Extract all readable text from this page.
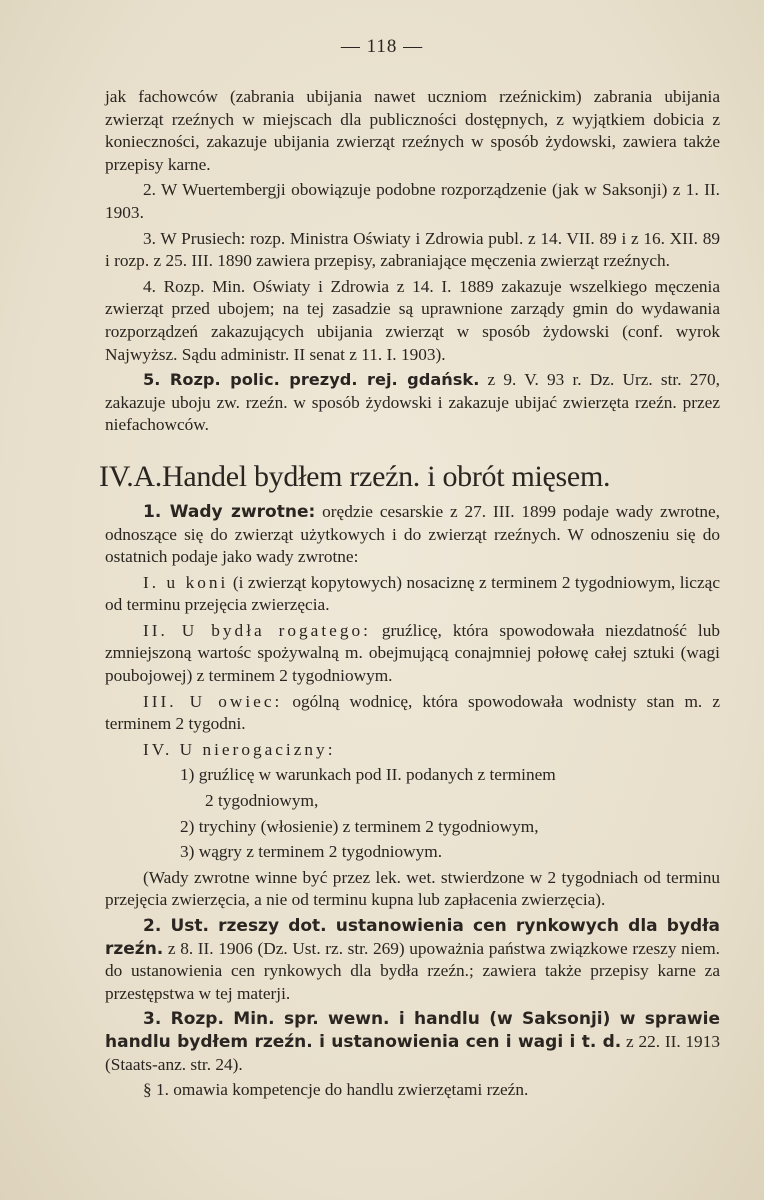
— 118 —

jak fachowców (zabrania ubijania nawet uczniom rzeźnickim) zabrania ubijania zwierząt rzeźnych w miejscach dla publiczności dostępnych, z wyjątkiem dobicia z konieczności, zakazuje ubijania zwierząt rzeźnych w sposób żydowski, zawiera także przepisy karne.

2. W Wuertembergji obowiązuje podobne rozporządzenie (jak w Saksonji) z 1. II. 1903.

3. W Prusiech: rozp. Ministra Oświaty i Zdrowia publ. z 14. VII. 89 i z 16. XII. 89 i rozp. z 25. III. 1890 zawiera przepisy, zabraniające męczenia zwierząt rzeźnych.

4. Rozp. Min. Oświaty i Zdrowia z 14. I. 1889 zakazuje wszelkiego męczenia zwierząt przed ubojem; na tej zasadzie są uprawnione zarządy gmin do wydawania rozporządzeń zakazujących ubijania zwierząt w sposób żydowski (conf. wyrok Najwyższ. Sądu administr. II senat z 11. I. 1903).

5. Rozp. polic. prezyd. rej. gdańsk. z 9. V. 93 r. Dz. Urz. str. 270, zakazuje uboju zw. rzeźn. w sposób żydowski i zakazuje ubijać zwierzęta rzeźn. przez niefachowców.

IV.A.Handel bydłem rzeźn. i obrót mięsem.

1. Wady zwrotne: orędzie cesarskie z 27. III. 1899 podaje wady zwrotne, odnoszące się do zwierząt użytkowych i do zwierząt rzeźnych. W odnoszeniu się do ostatnich podaje jako wady zwrotne:

I. u koni (i zwierząt kopytowych) nosaciznę z terminem 2 tygodniowym, licząc od terminu przejęcia zwierzęcia.

II. U bydła rogatego: gruźlicę, która spowodowała niezdatność lub zmniejszoną wartośc spożywalną m. obejmującą conajmniej połowę całej sztuki (wagi poubojowej) z terminem 2 tygodniowym.

III. U owiec: ogólną wodnicę, która spowodowała wodnisty stan m. z terminem 2 tygodni.

IV. U nierogacizny:

1) gruźlicę w warunkach pod II. podanych z terminem

2 tygodniowym,

2) trychiny (włosienie) z terminem 2 tygodniowym,

3) wągry z terminem 2 tygodniowym.

(Wady zwrotne winne być przez lek. wet. stwierdzone w 2 tygodniach od terminu przejęcia zwierzęcia, a nie od terminu kupna lub zapłacenia zwierzęcia).

2. Ust. rzeszy dot. ustanowienia cen rynkowych dla bydła rzeźn. z 8. II. 1906 (Dz. Ust. rz. str. 269) upoważnia państwa związkowe rzeszy niem. do ustanowienia cen rynkowych dla bydła rzeźn.; zawiera także przepisy karne za przestępstwa w tej materji.

3. Rozp. Min. spr. wewn. i handlu (w Saksonji) w sprawie handlu bydłem rzeźn. i ustanowienia cen i wagi i t. d. z 22. II. 1913 (Staats-anz. str. 24).

§ 1. omawia kompetencje do handlu zwierzętami rzeźn.
